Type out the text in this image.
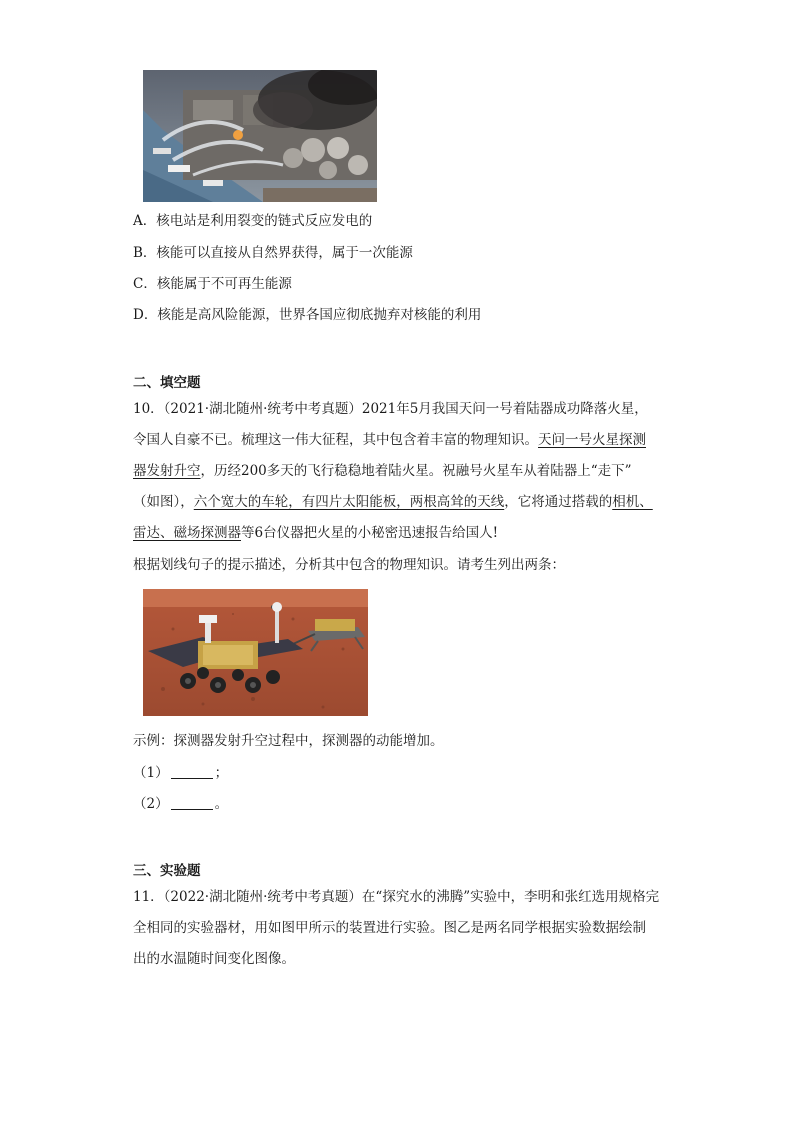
A．核电站是利用裂变的链式反应发电的
B．核能可以直接从自然界获得，属于一次能源
C．核能属于不可再生能源
D．核能是高风险能源，世界各国应彻底抛弃对核能的利用
二、填空题
10．（2021·湖北随州·统考中考真题）2021年5月我国天问一号着陆器成功降落火星，
令国人自豪不已。梳理这一伟大征程，其中包含着丰富的物理知识。天问一号火星探测
器发射升空，历经200多天的飞行稳稳地着陆火星。祝融号火星车从着陆器上“走下”
（如图），六个宽大的车轮，有四片太阳能板，两根高耸的天线，它将通过搭载的相机、
雷达、磁场探测器等6台仪器把火星的小秘密迅速报告给国人!
根据划线句子的提示描述，分析其中包含的物理知识。请考生列出两条：
示例：探测器发射升空过程中，探测器的动能增加。
（1）	；
（2）	。
三、实验题
11．（2022·湖北随州·统考中考真题）在“探究水的沸腾”实验中，李明和张红选用规格完
全相同的实验器材，用如图甲所示的装置进行实验。图乙是两名同学根据实验数据绘制
出的水温随时间变化图像。
